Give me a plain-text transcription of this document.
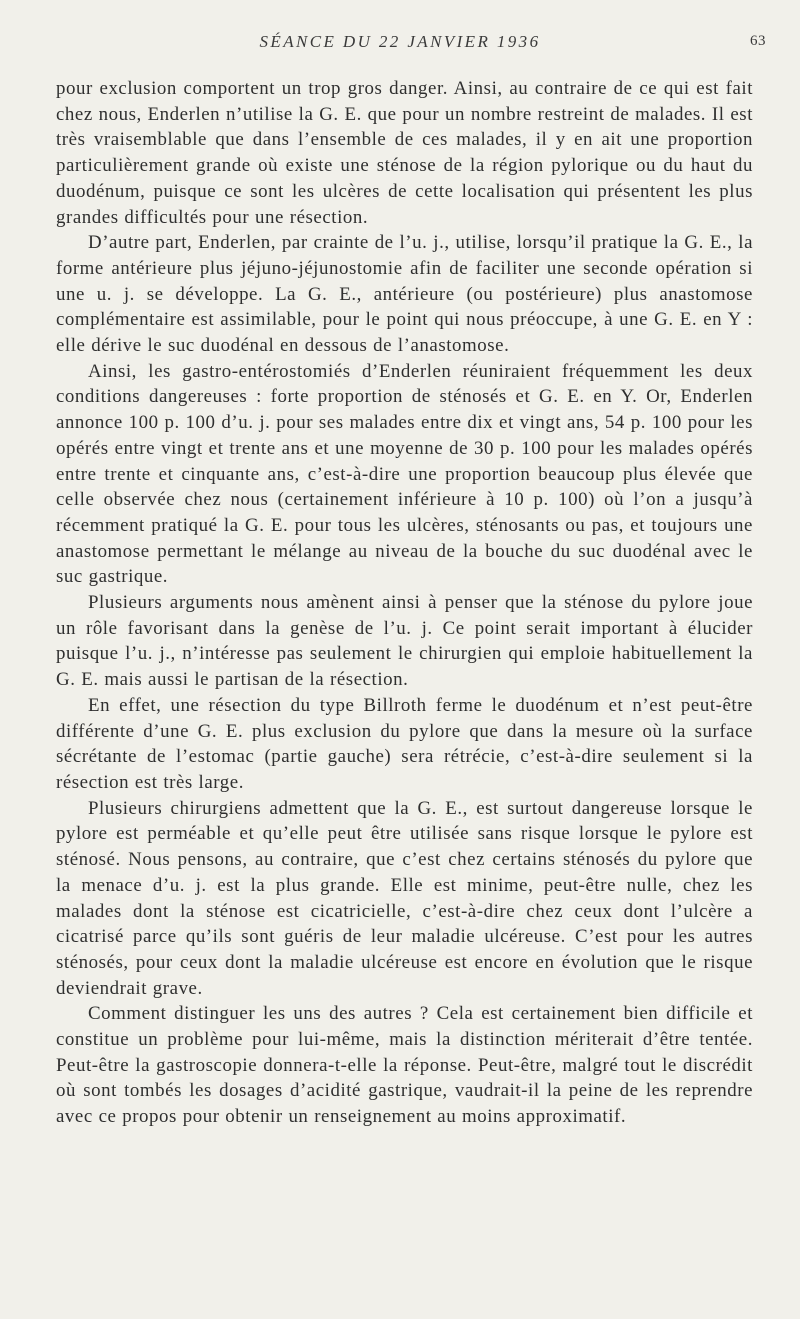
SÉANCE DU 22 JANVIER 1936	63

pour exclusion comportent un trop gros danger. Ainsi, au contraire de ce qui est fait chez nous, Enderlen n’utilise la G. E. que pour un nombre restreint de malades. Il est très vraisemblable que dans l’ensemble de ces malades, il y en ait une proportion particulièrement grande où existe une sténose de la région pylorique ou du haut du duodénum, puisque ce sont les ulcères de cette localisation qui présentent les plus grandes difficultés pour une résection.

D’autre part, Enderlen, par crainte de l’u. j., utilise, lorsqu’il pratique la G. E., la forme antérieure plus jéjuno-jéjunostomie afin de faciliter une seconde opération si une u. j. se développe. La G. E., antérieure (ou postérieure) plus anastomose complémentaire est assimilable, pour le point qui nous préoccupe, à une G. E. en Y : elle dérive le suc duodénal en dessous de l’anastomose.

Ainsi, les gastro-entérostomiés d’Enderlen réuniraient fréquemment les deux conditions dangereuses : forte proportion de sténosés et G. E. en Y. Or, Enderlen annonce 100 p. 100 d’u. j. pour ses malades entre dix et vingt ans, 54 p. 100 pour les opérés entre vingt et trente ans et une moyenne de 30 p. 100 pour les malades opérés entre trente et cinquante ans, c’est-à-dire une proportion beaucoup plus élevée que celle observée chez nous (certainement inférieure à 10 p. 100) où l’on a jusqu’à récemment pratiqué la G. E. pour tous les ulcères, sténosants ou pas, et toujours une anastomose permettant le mélange au niveau de la bouche du suc duodénal avec le suc gastrique.

Plusieurs arguments nous amènent ainsi à penser que la sténose du pylore joue un rôle favorisant dans la genèse de l’u. j. Ce point serait important à élucider puisque l’u. j., n’intéresse pas seulement le chirurgien qui emploie habituellement la G. E. mais aussi le partisan de la résection.

En effet, une résection du type Billroth ferme le duodénum et n’est peut-être différente d’une G. E. plus exclusion du pylore que dans la mesure où la surface sécrétante de l’estomac (partie gauche) sera rétrécie, c’est-à-dire seulement si la résection est très large.

Plusieurs chirurgiens admettent que la G. E., est surtout dangereuse lorsque le pylore est perméable et qu’elle peut être utilisée sans risque lorsque le pylore est sténosé. Nous pensons, au contraire, que c’est chez certains sténosés du pylore que la menace d’u. j. est la plus grande. Elle est minime, peut-être nulle, chez les malades dont la sténose est cicatricielle, c’est-à-dire chez ceux dont l’ulcère a cicatrisé parce qu’ils sont guéris de leur maladie ulcéreuse. C’est pour les autres sténosés, pour ceux dont la maladie ulcéreuse est encore en évolution que le risque deviendrait grave.

Comment distinguer les uns des autres ? Cela est certainement bien difficile et constitue un problème pour lui-même, mais la distinction mériterait d’être tentée. Peut-être la gastroscopie donnera-t-elle la réponse. Peut-être, malgré tout le discrédit où sont tombés les dosages d’acidité gastrique, vaudrait-il la peine de les reprendre avec ce propos pour obtenir un renseignement au moins approximatif.
